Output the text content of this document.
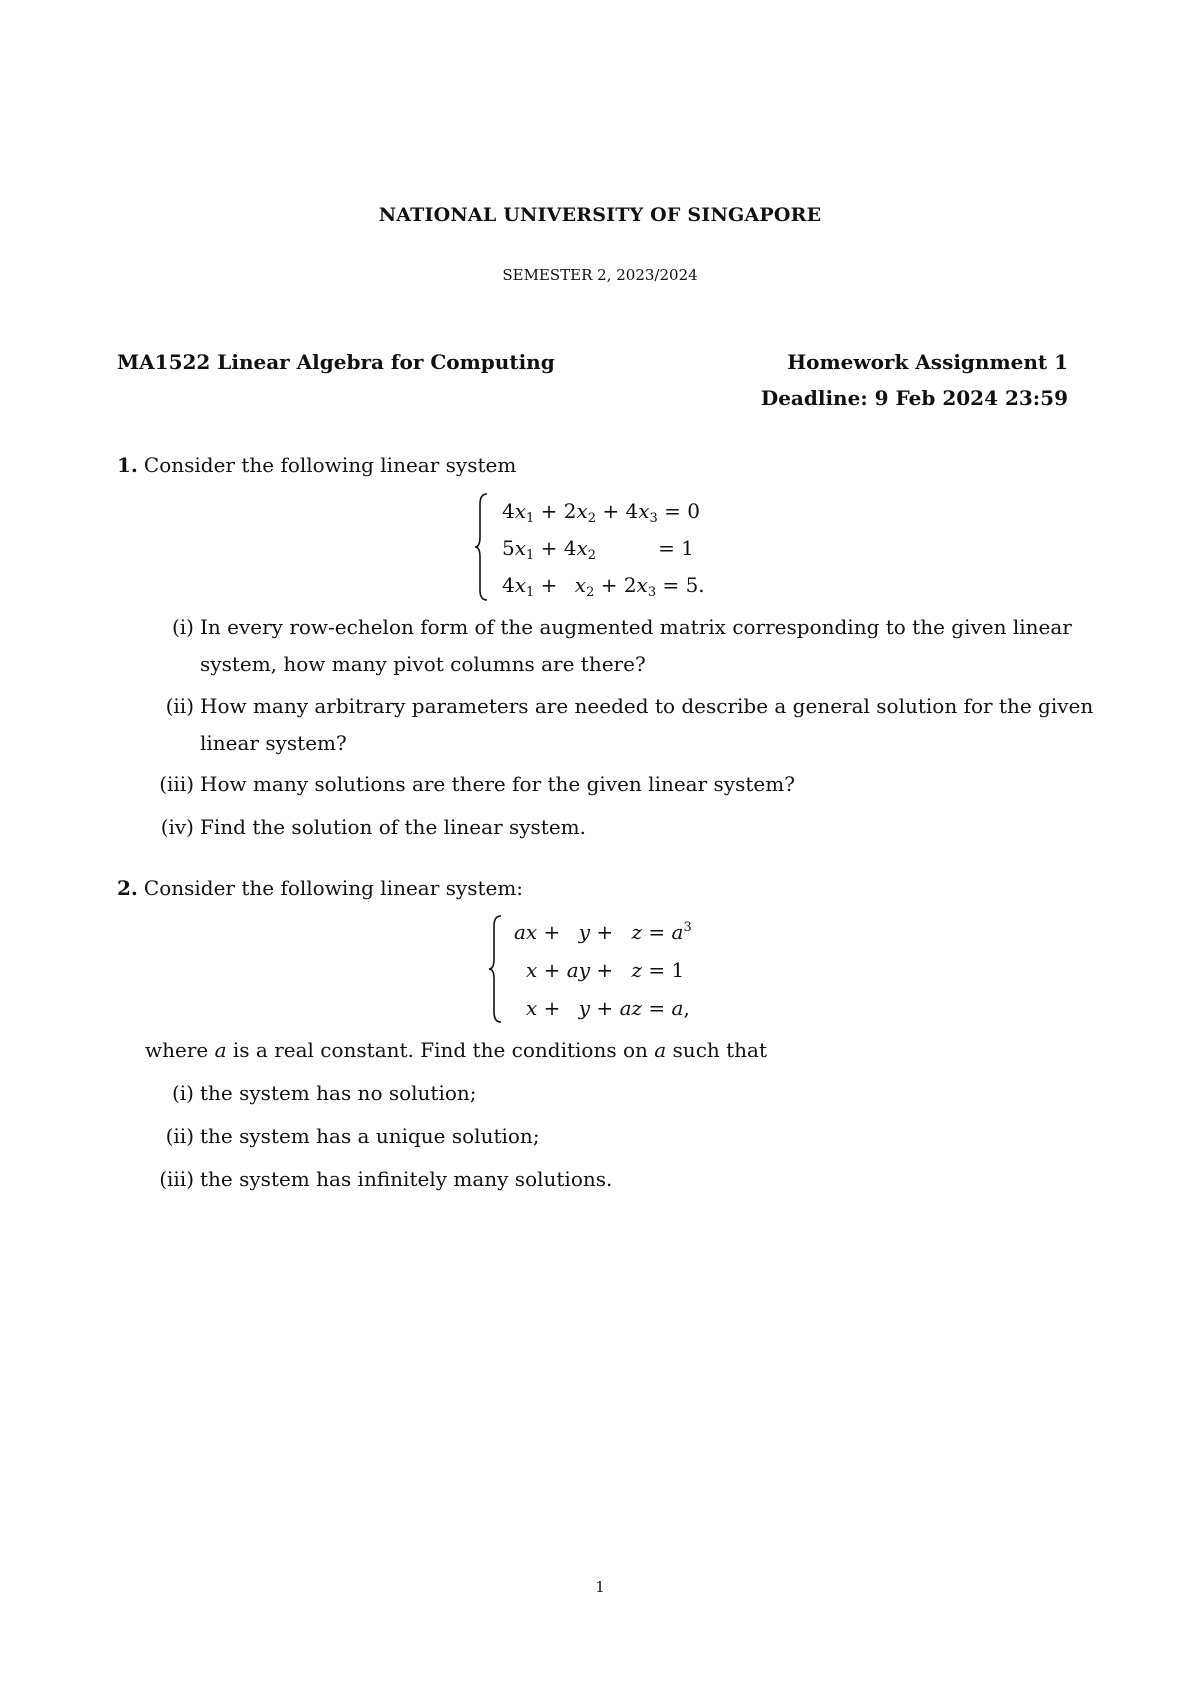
NATIONAL UNIVERSITY OF SINGAPORE
SEMESTER 2, 2023/2024
MA1522 Linear Algebra for Computing	Homework Assignment 1
Deadline: 9 Feb 2024 23:59
1. Consider the following linear system
$4x_1 + 2x_2 + 4x_3 = 0$
$5x_1 + 4x_2$	= 1
$4x_1 + x_2 + 2x_3 = 5$.
(i) In every row-echelon form of the augmented matrix corresponding to the given linear
system, how many pivot columns are there?
(ii) How many arbitrary parameters are needed to describe a general solution for the given
linear system?
(iii) How many solutions are there for the given linear system?
(iv) Find the solution of the linear system.
2. Consider the following linear system:
ax + $y + z = a^3$
x + ay + z = 1
x + y + az = a,
where a is a real constant. Find the conditions on a such that
(i) the system has no solution;
(ii) the system has a unique solution;
(iii) the system has infinitely many solutions.
1
